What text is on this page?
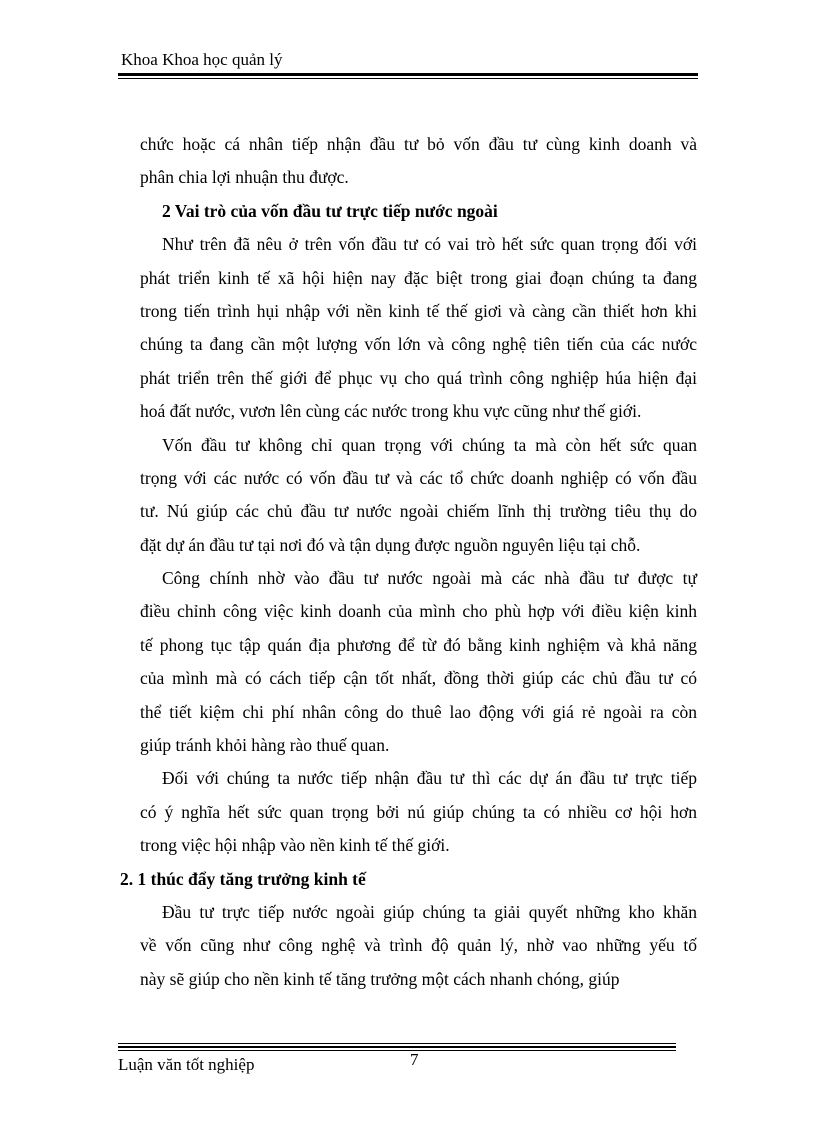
Khoa Khoa học quản lý
chức hoặc cá nhân tiếp nhận đầu tư bỏ vốn đầu tư cùng kinh doanh và
phân chia lợi nhuận thu được.
2 Vai trò của vốn đầu tư trực tiếp nước ngoài
Như trên đã nêu ở trên vốn đầu tư có vai trò hết sức quan trọng đối với
phát triển kinh tế xã hội hiện nay đặc biệt trong giai đoạn chúng ta đang
trong tiến trình hụi nhập với nền kinh tế thế giơi và càng cần thiết hơn khi
chúng ta đang cần một lượng vốn lớn và công nghệ tiên tiến của các nước
phát triển trên thế giới để phục vụ cho quá trình công nghiệp húa hiện đại
hoá đất nước, vươn lên cùng các nước trong khu vực cũng như thế giới.
Vốn đầu tư không chỉ quan trọng với chúng ta mà còn hết sức quan
trọng với các nước có vốn đầu tư và các tổ chức doanh nghiệp có vốn đầu
tư. Nú giúp các chủ đầu tư nước ngoài chiếm lĩnh thị trường tiêu thụ do
đặt dự án đầu tư tại nơi đó và tận dụng được nguồn nguyên liệu tại chỗ.
Công chính nhờ vào đầu tư nước ngoài mà các nhà đầu tư được tự
điều chỉnh công việc kinh doanh của mình cho phù hợp với điều kiện kinh
tế phong tục tập quán địa phương để từ đó bằng kinh nghiệm và khả năng
của mình mà có cách tiếp cận tốt nhất, đồng thời giúp các chủ đầu tư có
thể tiết kiệm chi phí nhân công do thuê lao động với giá rẻ ngoài ra còn
giúp tránh khỏi hàng rào thuế quan.
Đối với chúng ta nước tiếp nhận đầu tư thì các dự án đầu tư trực tiếp
có ý nghĩa hết sức quan trọng bởi nú giúp chúng ta có nhiều cơ hội hơn
trong việc hội nhập vào nền kinh tế thế giới.
2. 1 thúc đẩy tăng trưởng kinh tế
Đầu tư trực tiếp nước ngoài giúp chúng ta giải quyết những kho khăn
về vốn cũng như công nghệ và trình độ quản lý, nhờ vao những yếu tố
này sẽ giúp cho nền kinh tế tăng trưởng một cách nhanh chóng, giúp
7
Luận văn tốt nghiệp
